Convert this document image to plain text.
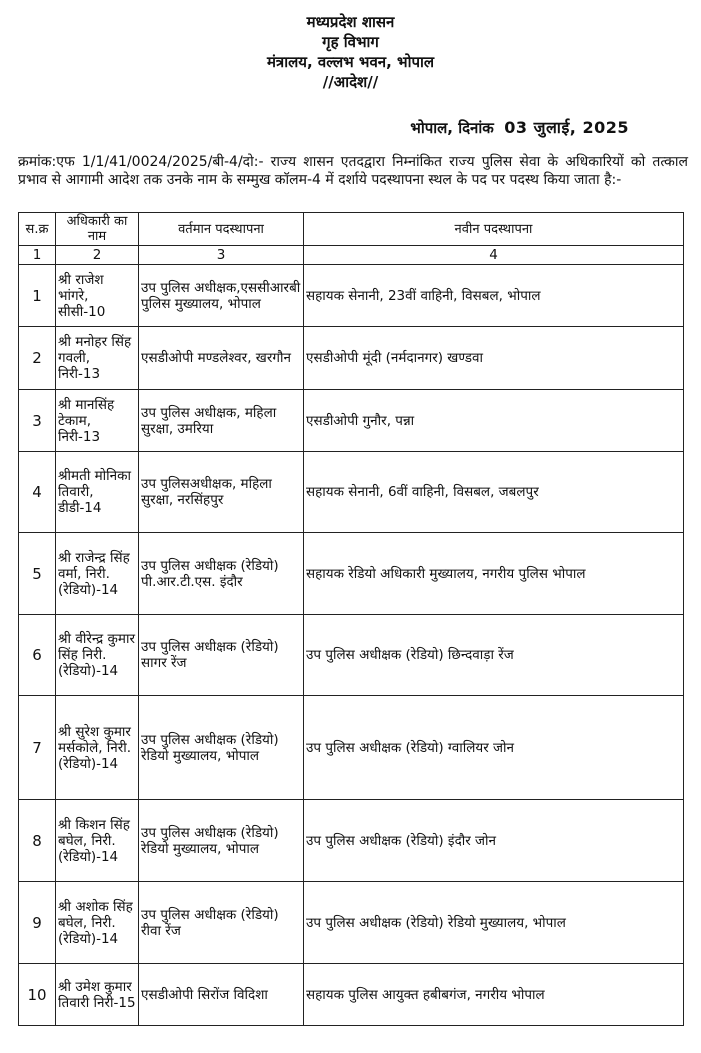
मध्यप्रदेश शासन
गृह विभाग
मंत्रालय, वल्लभ भवन, भोपाल
//आदेश//
भोपाल, दिनांक 03 जुलाई, 2025
क्रमांक:एफ 1/1/41/0024/2025/बी-4/दो:- राज्य शासन एतदद्वारा निम्नांकित राज्य पुलिस सेवा के अधिकारियों को तत्काल प्रभाव से आगामी आदेश तक उनके नाम के सम्मुख कॉलम-4 में दर्शाये पदस्थापना स्थल के पद पर पदस्थ किया जाता है:-
स.क्र	अधिकारी का नाम	वर्तमान पदस्थापना	नवीन पदस्थापना
1	2	3	4
1	श्री राजेश भांगरे, सीसी-10	उप पुलिस अधीक्षक,एससीआरबी पुलिस मुख्यालय, भोपाल	सहायक सेनानी, 23वीं वाहिनी, विसबल, भोपाल
2	श्री मनोहर सिंह गवली, निरी-13	एसडीओपी मण्डलेश्वर, खरगौन	एसडीओपी मूंदी (नर्मदानगर) खण्डवा
3	श्री मानसिंह टेकाम, निरी-13	उप पुलिस अधीक्षक, महिला सुरक्षा, उमरिया	एसडीओपी गुनौर, पन्ना
4	श्रीमती मोनिका तिवारी, डीडी-14	उप पुलिसअधीक्षक, महिला सुरक्षा, नरसिंहपुर	सहायक सेनानी, 6वीं वाहिनी, विसबल, जबलपुर
5	श्री राजेन्द्र सिंह वर्मा, निरी. (रेडियो)-14	उप पुलिस अधीक्षक (रेडियो) पी.आर.टी.एस. इंदौर	सहायक रेडियो अधिकारी मुख्यालय, नगरीय पुलिस भोपाल
6	श्री वीरेन्द्र कुमार सिंह निरी. (रेडियो)-14	उप पुलिस अधीक्षक (रेडियो) सागर रेंज	उप पुलिस अधीक्षक (रेडियो) छिन्दवाड़ा रेंज
7	श्री सुरेश कुमार मर्सकोले, निरी. (रेडियो)-14	उप पुलिस अधीक्षक (रेडियो) रेडियो मुख्यालय, भोपाल	उप पुलिस अधीक्षक (रेडियो) ग्वालियर जोन
8	श्री किशन सिंह बघेल, निरी. (रेडियो)-14	उप पुलिस अधीक्षक (रेडियो) रेडियो मुख्यालय, भोपाल	उप पुलिस अधीक्षक (रेडियो) इंदौर जोन
9	श्री अशोक सिंह बघेल, निरी. (रेडियो)-14	उप पुलिस अधीक्षक (रेडियो) रीवा रेंज	उप पुलिस अधीक्षक (रेडियो) रेडियो मुख्यालय, भोपाल
10	श्री उमेश कुमार तिवारी निरी-15	एसडीओपी सिरोंज विदिशा	सहायक पुलिस आयुक्त हबीबगंज, नगरीय भोपाल
